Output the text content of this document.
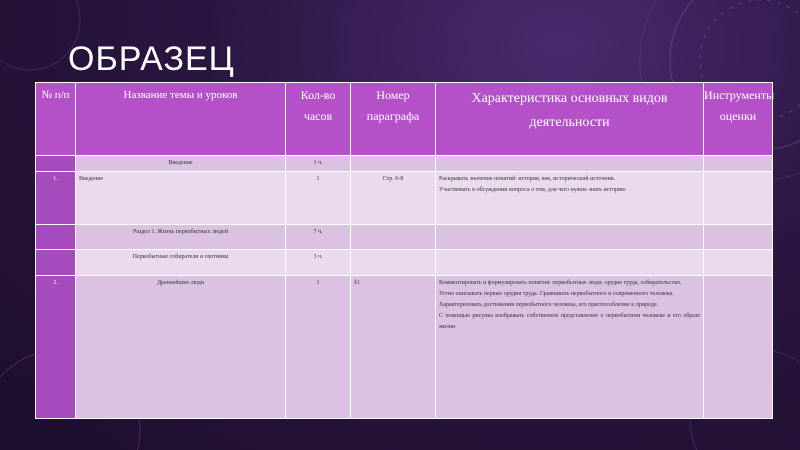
ОБРАЗЕЦ
№ п/п	Название темы и уроков	Кол-во часов	Номер параграфа	Характеристика основных видов деятельности	Инструменты оценки
	Введение	1 ч.			
1.	Введение	1	Стр. 6-8	Раскрывать значение понятий: история, век, исторический источник.
Участвовать в обсуждении вопроса о том, для чего нужно знать историю	

	Раздел 1. Жизнь первобытных людей	7 ч.			
	Первобытные собиратели и охотники	3 ч.			
2.	Древнейшие люди	1	§1	Комментировать и формулировать понятия: первобытные люди, орудие труда, собирательство.
Устно описывать первые орудия труда. Сравнивать первобытного и современного человека.
Характеризовать достижения первобытного человека, его приспособление к природе.
С помощью рисунка изображать собственное представление о первобытном человеке и его образе жизни	
